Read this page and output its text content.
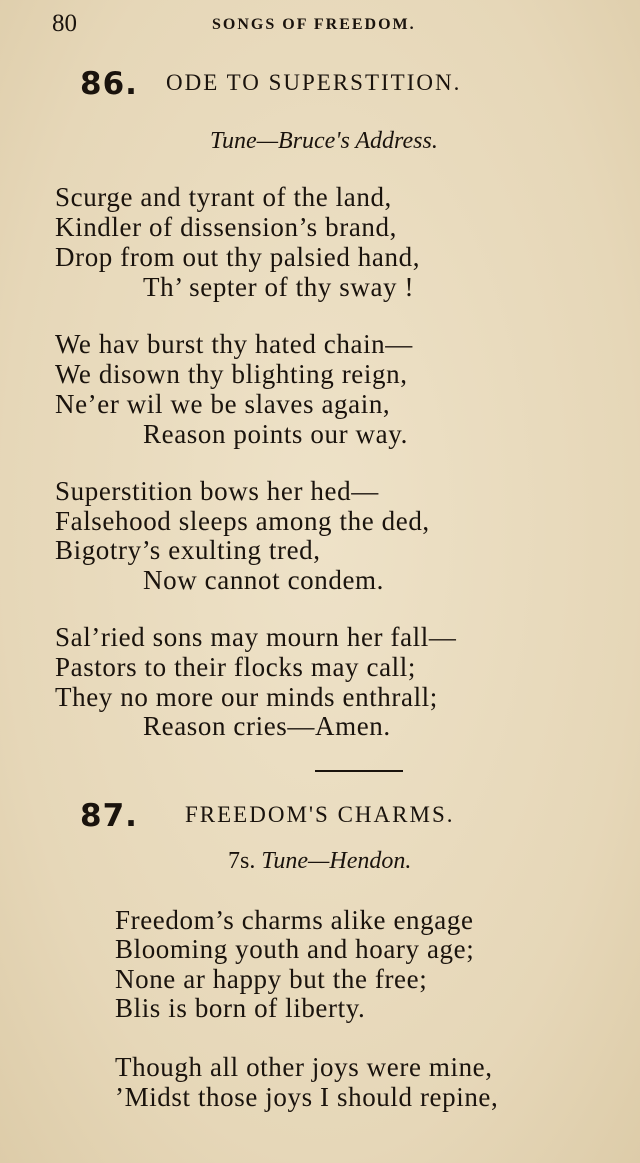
80	SONGS OF FREEDOM.
86. ODE TO SUPERSTITION.
Tune—Bruce's Address.
Scurge and tyrant of the land,
Kindler of dissension’s brand,
Drop from out thy palsied hand,
Th’ septer of thy sway !
We hav burst thy hated chain—
We disown thy blighting reign,
Ne’er wil we be slaves again,
Reason points our way.
Superstition bows her hed—
Falsehood sleeps among the ded,
Bigotry’s exulting tred,
Now cannot condem.
Sal’ried sons may mourn her fall—
Pastors to their flocks may call;
They no more our minds enthrall;
Reason cries—Amen.
87. FREEDOM'S CHARMS.
7s. Tune—Hendon.
Freedom’s charms alike engage
Blooming youth and hoary age;
None ar happy but the free;
Blis is born of liberty.
Though all other joys were mine,
’Midst those joys I should repine,
